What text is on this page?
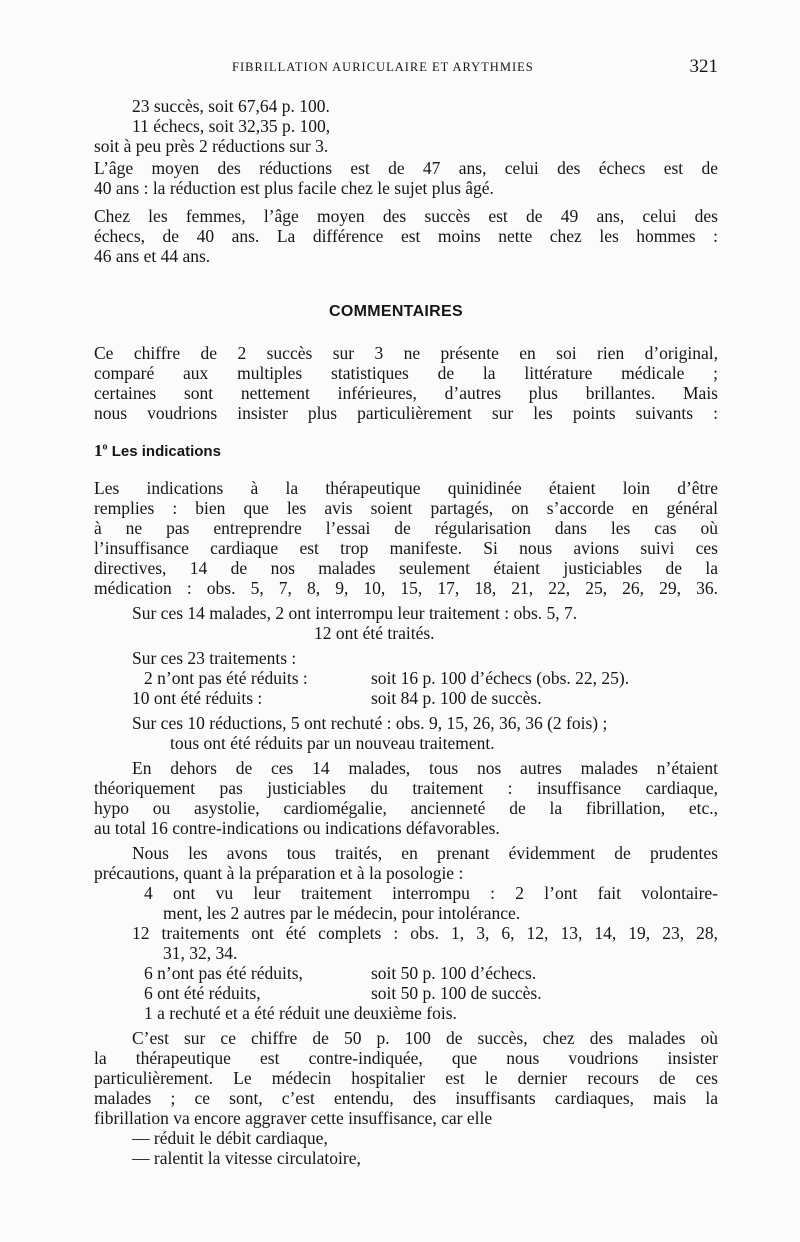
FIBRILLATION AURICULAIRE ET ARYTHMIES	321

23 succès, soit 67,64 p. 100.

11 échecs, soit 32,35 p. 100,

soit à peu près 2 réductions sur 3.

L’âge moyen des réductions est de 47 ans, celui des échecs est de

40 ans : la réduction est plus facile chez le sujet plus âgé.

Chez les femmes, l’âge moyen des succès est de 49 ans, celui des

échecs, de 40 ans. La différence est moins nette chez les hommes :

46 ans et 44 ans.

COMMENTAIRES

Ce chiffre de 2 succès sur 3 ne présente en soi rien d’original,

comparé aux multiples statistiques de la littérature médicale ;

certaines sont nettement inférieures, d’autres plus brillantes. Mais

nous voudrions insister plus particulièrement sur les points suivants :

1$^o$ Les indications

Les indications à la thérapeutique quinidinée étaient loin d’être

remplies : bien que les avis soient partagés, on s’accorde en général

à ne pas entreprendre l’essai de régularisation dans les cas où

l’insuffisance cardiaque est trop manifeste. Si nous avions suivi ces

directives, 14 de nos malades seulement étaient justiciables de la

médication : obs. 5, 7, 8, 9, 10, 15, 17, 18, 21, 22, 25, 26, 29, 36.

Sur ces 14 malades, 2 ont interrompu leur traitement : obs. 5, 7.

12 ont été traités.

Sur ces 23 traitements :

2 n’ont pas été réduits :	soit 16 p. 100 d’échecs (obs. 22, 25).

10 ont été réduits :	soit 84 p. 100 de succès.

Sur ces 10 réductions, 5 ont rechuté : obs. 9, 15, 26, 36, 36 (2 fois) ;

tous ont été réduits par un nouveau traitement.

En dehors de ces 14 malades, tous nos autres malades n’étaient

théoriquement pas justiciables du traitement : insuffisance cardiaque,

hypo ou asystolie, cardiomégalie, ancienneté de la fibrillation, etc.,

au total 16 contre-indications ou indications défavorables.

Nous les avons tous traités, en prenant évidemment de prudentes

précautions, quant à la préparation et à la posologie :

4 ont vu leur traitement interrompu : 2 l’ont fait volontaire-

ment, les 2 autres par le médecin, pour intolérance.

12 traitements ont été complets : obs. 1, 3, 6, 12, 13, 14, 19, 23, 28,

31, 32, 34.

6 n’ont pas été réduits,	soit 50 p. 100 d’échecs.

6 ont été réduits,	soit 50 p. 100 de succès.

1 a rechuté et a été réduit une deuxième fois.

C’est sur ce chiffre de 50 p. 100 de succès, chez des malades où

la thérapeutique est contre-indiquée, que nous voudrions insister

particulièrement. Le médecin hospitalier est le dernier recours de ces

malades ; ce sont, c’est entendu, des insuffisants cardiaques, mais la

fibrillation va encore aggraver cette insuffisance, car elle

— réduit le débit cardiaque,

— ralentit la vitesse circulatoire,
